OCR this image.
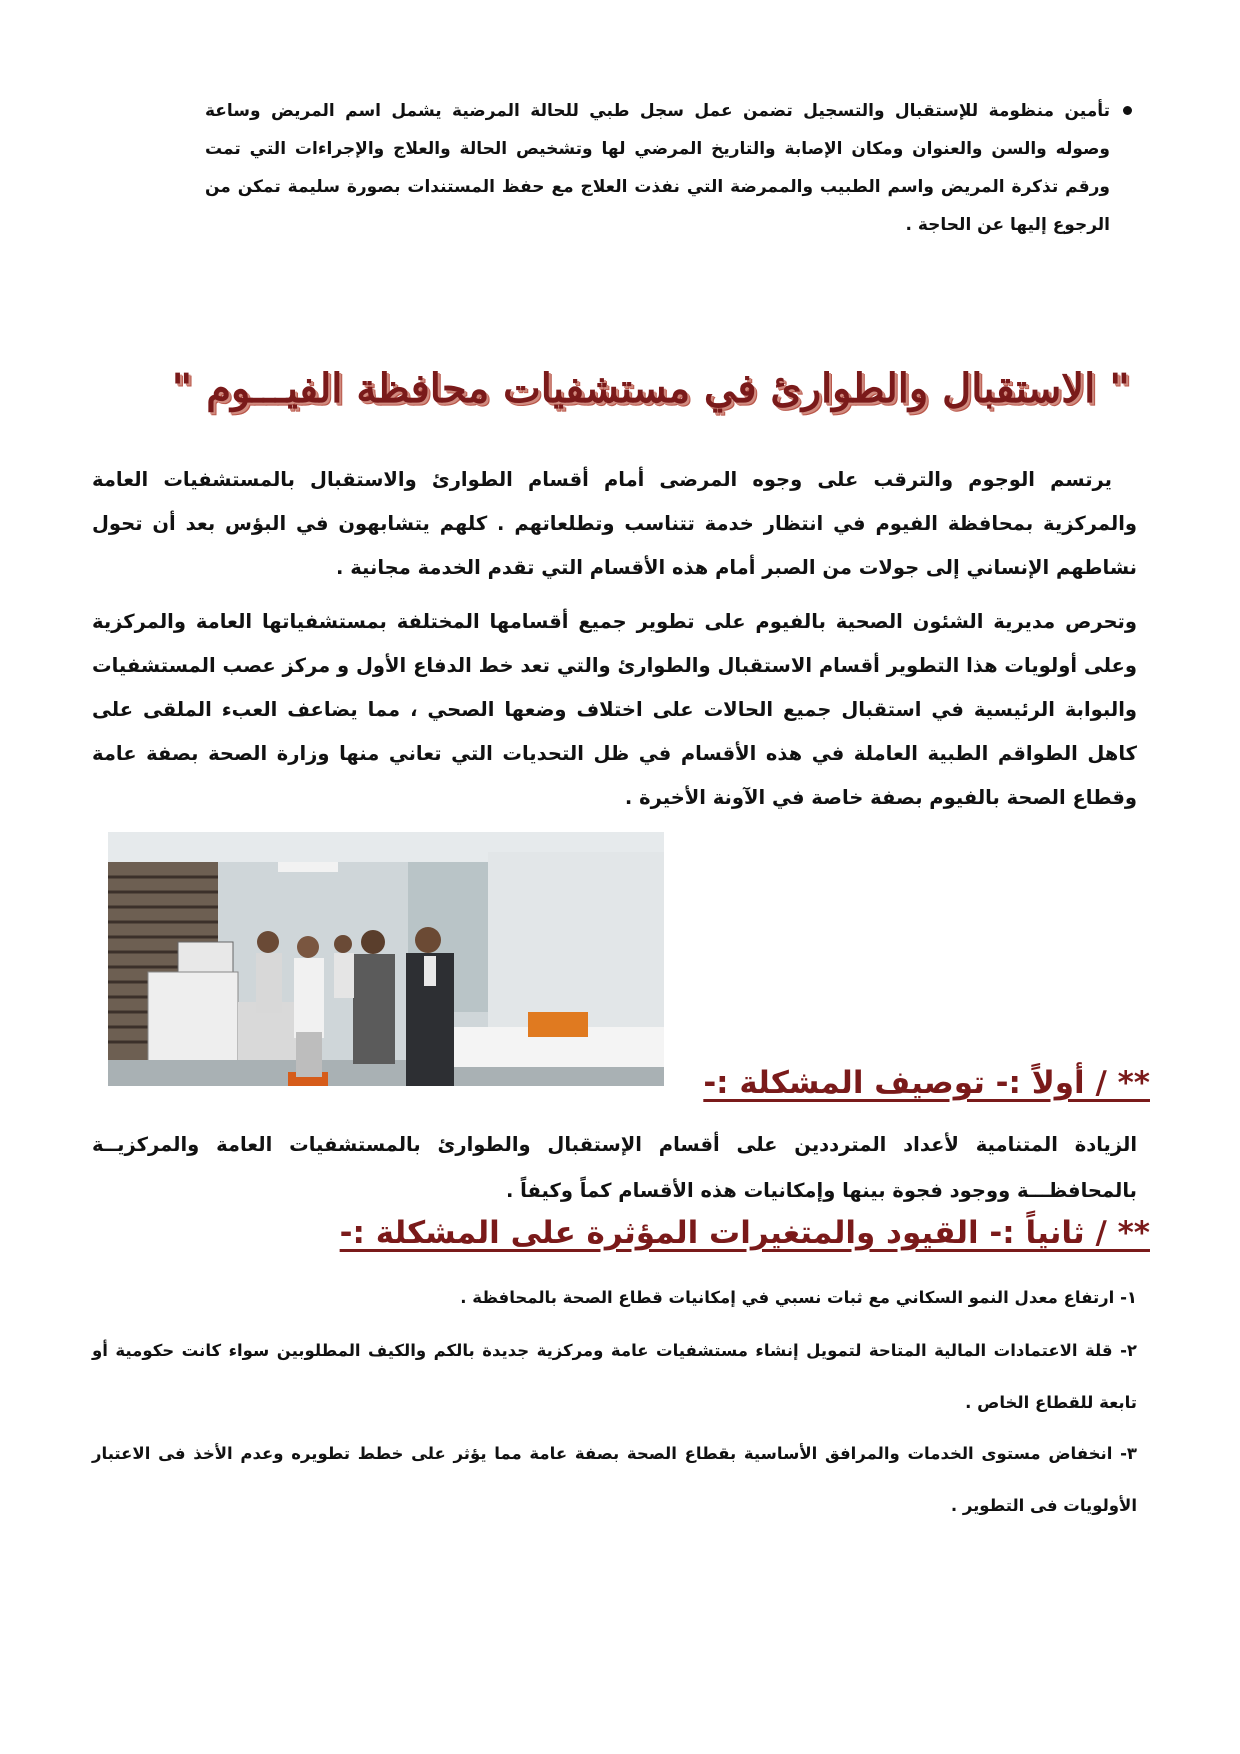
تأمين منظومة للإستقبال والتسجيل تضمن عمل سجل طبي للحالة المرضية يشمل اسم المريض وساعة وصوله والسن والعنوان ومكان الإصابة والتاريخ المرضي لها وتشخيص الحالة والعلاج والإجراءات التي تمت ورقم تذكرة المريض واسم الطبيب والممرضة التي نفذت العلاج مع حفظ المستندات بصورة سليمة تمكن من الرجوع إليها عن الحاجة .
" الاستقبال والطوارئ في مستشفيات محافظة الفيـــوم "
يرتسم الوجوم والترقب على وجوه المرضى أمام أقسام الطوارئ والاستقبال بالمستشفيات العامة والمركزية بمحافظة الفيوم في انتظار خدمة تتناسب وتطلعاتهم . كلهم يتشابهون في البؤس بعد أن تحول نشاطهم الإنساني إلى جولات من الصبر أمام هذه الأقسام التي تقدم الخدمة مجانية .
وتحرص مديرية الشئون الصحية بالفيوم على تطوير جميع أقسامها المختلفة بمستشفياتها العامة والمركزية وعلى أولويات هذا التطوير أقسام الاستقبال والطوارئ والتي تعد خط الدفاع الأول و مركز عصب المستشفيات والبوابة الرئيسية في استقبال جميع الحالات على اختلاف وضعها الصحي ، مما يضاعف العبء الملقى على كاهل الطواقم الطبية العاملة في هذه الأقسام في ظل التحديات التي تعاني منها وزارة الصحة بصفة عامة وقطاع الصحة بالفيوم بصفة خاصة في الآونة الأخيرة .
** / أولاً :- توصيف المشكلة :-
الزيادة المتنامية لأعداد المترددين على أقسام الإستقبال والطوارئ بالمستشفيات العامة والمركزيــة بالمحافظـــة ووجود فجوة بينها وإمكانيات هذه الأقسام كماً وكيفاً .
** / ثانياً :- القيود والمتغيرات المؤثرة على المشكلة :-
١- ارتفاع معدل النمو السكاني مع ثبات نسبي في إمكانيات قطاع الصحة بالمحافظة .
٢- قلة الاعتمادات المالية المتاحة لتمويل إنشاء مستشفيات عامة ومركزية جديدة بالكم والكيف المطلوبين سواء كانت حكومية أو تابعة للقطاع الخاص .
٣- انخفاض مستوى الخدمات والمرافق الأساسية بقطاع الصحة بصفة عامة مما يؤثر على خطط تطويره وعدم الأخذ فى الاعتبار الأولويات فى التطوير .
